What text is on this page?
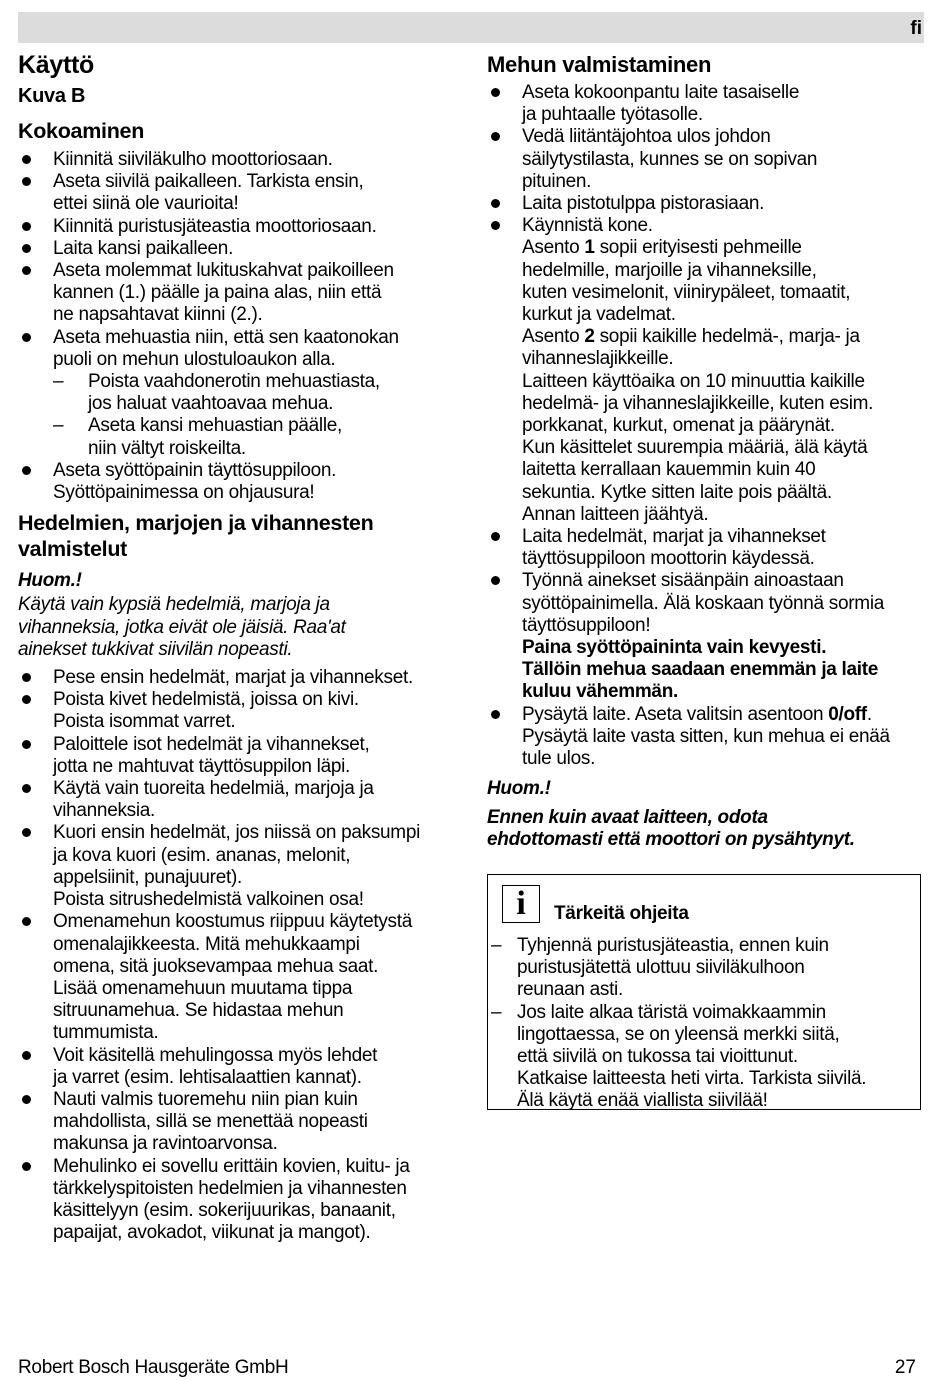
fi
Käyttö
Kuva B
Kokoaminen
Kiinnitä siiviläkulho moottoriosaan.
Aseta siivilä paikalleen. Tarkista ensin,
ettei siinä ole vaurioita!
Kiinnitä puristusjäteastia moottoriosaan.
Laita kansi paikalleen.
Aseta molemmat lukituskahvat paikoilleen
kannen (1.) päälle ja paina alas, niin että
ne napsahtavat kiinni (2.).
Aseta mehuastia niin, että sen kaatonokan
puoli on mehun ulostuloaukon alla.
– Poista vaahdonerotin mehuastiasta,
jos haluat vaahtoavaa mehua.
– Aseta kansi mehuastian päälle,
niin vältyt roiskeilta.
Aseta syöttöpainin täyttösuppiloon.
Syöttöpainimessa on ohjausura!
Hedelmien, marjojen ja vihannesten
valmistelut
Huom.!
Käytä vain kypsiä hedelmiä, marjoja ja
vihanneksia, jotka eivät ole jäisiä. Raa'at
ainekset tukkivat siivilän nopeasti.
Pese ensin hedelmät, marjat ja vihannekset.
Poista kivet hedelmistä, joissa on kivi.
Poista isommat varret.
Paloittele isot hedelmät ja vihannekset,
jotta ne mahtuvat täyttösuppilon läpi.
Käytä vain tuoreita hedelmiä, marjoja ja
vihanneksia.
Kuori ensin hedelmät, jos niissä on paksumpi
ja kova kuori (esim. ananas, melonit,
appelsiinit, punajuuret).
Poista sitrushedelmistä valkoinen osa!
Omenamehun koostumus riippuu käytetystä
omenalajikkeesta. Mitä mehukkaampi
omena, sitä juoksevampaa mehua saat.
Lisää omenamehuun muutama tippa
sitruunamehua. Se hidastaa mehun
tummumista.
Voit käsitellä mehulingossa myös lehdet
ja varret (esim. lehtisalaattien kannat).
Nauti valmis tuoremehu niin pian kuin
mahdollista, sillä se menettää nopeasti
makunsa ja ravintoarvonsa.
Mehulinko ei sovellu erittäin kovien, kuitu- ja
tärkkelyspitoisten hedelmien ja vihannesten
käsittelyyn (esim. sokerijuurikas, banaanit,
papaijat, avokadot, viikunat ja mangot).
Mehun valmistaminen
Aseta kokoonpantu laite tasaiselle
ja puhtaalle työtasolle.
Vedä liitäntäjohtoa ulos johdon
säilytystilasta, kunnes se on sopivan
pituinen.
Laita pistotulppa pistorasiaan.
Käynnistä kone.
Asento 1 sopii erityisesti pehmeille
hedelmille, marjoille ja vihanneksille,
kuten vesimelonit, viinirypäleet, tomaatit,
kurkut ja vadelmat.
Asento 2 sopii kaikille hedelmä-, marja- ja
vihanneslajikkeille.
Laitteen käyttöaika on 10 minuuttia kaikille
hedelmä- ja vihanneslajikkeille, kuten esim.
porkkanat, kurkut, omenat ja päärynät.
Kun käsittelet suurempia määriä, älä käytä
laitetta kerrallaan kauemmin kuin 40
sekuntia. Kytke sitten laite pois päältä.
Annan laitteen jäähtyä.
Laita hedelmät, marjat ja vihannekset
täyttösuppiloon moottorin käydessä.
Työnnä ainekset sisäänpäin ainoastaan
syöttöpainimella. Älä koskaan työnnä sormia
täyttösuppiloon!
Paina syöttöpaininta vain kevyesti.
Tällöin mehua saadaan enemmän ja laite
kuluu vähemmän.
Pysäytä laite. Aseta valitsin asentoon 0/off.
Pysäytä laite vasta sitten, kun mehua ei enää
tule ulos.
Huom.!
Ennen kuin avaat laitteen, odota
ehdottomasti että moottori on pysähtynyt.
i	Tärkeitä ohjeita
– Tyhjennä puristusjäteastia, ennen kuin
puristusjätettä ulottuu siiviläkulhoon
reunaan asti.
– Jos laite alkaa täristä voimakkaammin
lingottaessa, se on yleensä merkki siitä,
että siivilä on tukossa tai vioittunut.
Katkaise laitteesta heti virta. Tarkista siivilä.
Älä käytä enää viallista siivilää!
Robert Bosch Hausgeräte GmbH	27
